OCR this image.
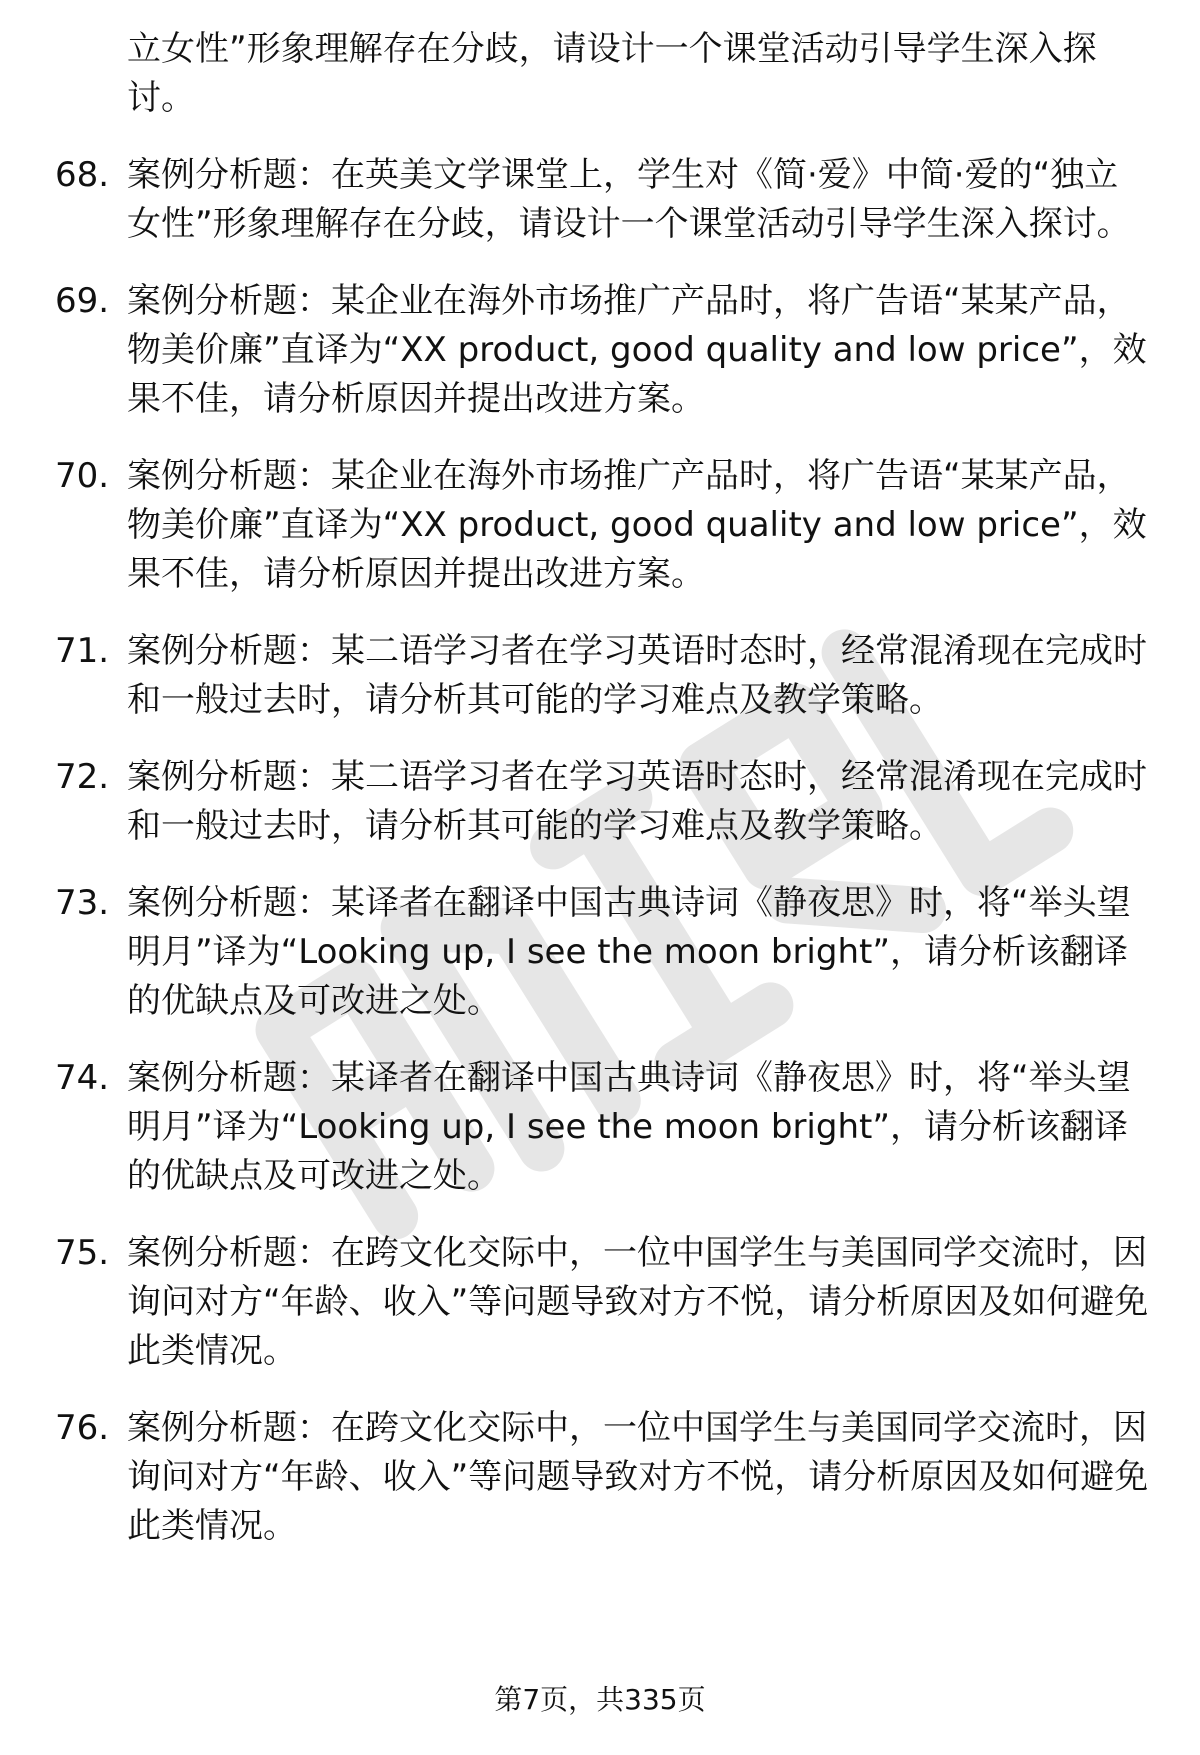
立女性”形象理解存在分歧，请设计一个课堂活动引导学生深入探讨。
68. 案例分析题：在英美文学课堂上，学生对《简·爱》中简·爱的“独立女性”形象理解存在分歧，请设计一个课堂活动引导学生深入探讨。
69. 案例分析题：某企业在海外市场推广产品时，将广告语“某某产品，物美价廉”直译为“XX product, good quality and low price”，效果不佳，请分析原因并提出改进方案。
70. 案例分析题：某企业在海外市场推广产品时，将广告语“某某产品，物美价廉”直译为“XX product, good quality and low price”，效果不佳，请分析原因并提出改进方案。
71. 案例分析题：某二语学习者在学习英语时态时，经常混淆现在完成时和一般过去时，请分析其可能的学习难点及教学策略。
72. 案例分析题：某二语学习者在学习英语时态时，经常混淆现在完成时和一般过去时，请分析其可能的学习难点及教学策略。
73. 案例分析题：某译者在翻译中国古典诗词《静夜思》时，将“举头望明月”译为“Looking up, I see the moon bright”，请分析该翻译的优缺点及可改进之处。
74. 案例分析题：某译者在翻译中国古典诗词《静夜思》时，将“举头望明月”译为“Looking up, I see the moon bright”，请分析该翻译的优缺点及可改进之处。
75. 案例分析题：在跨文化交际中，一位中国学生与美国同学交流时，因询问对方“年龄、收入”等问题导致对方不悦，请分析原因及如何避免此类情况。
76. 案例分析题：在跨文化交际中，一位中国学生与美国同学交流时，因询问对方“年龄、收入”等问题导致对方不悦，请分析原因及如何避免此类情况。
第7页，共335页
